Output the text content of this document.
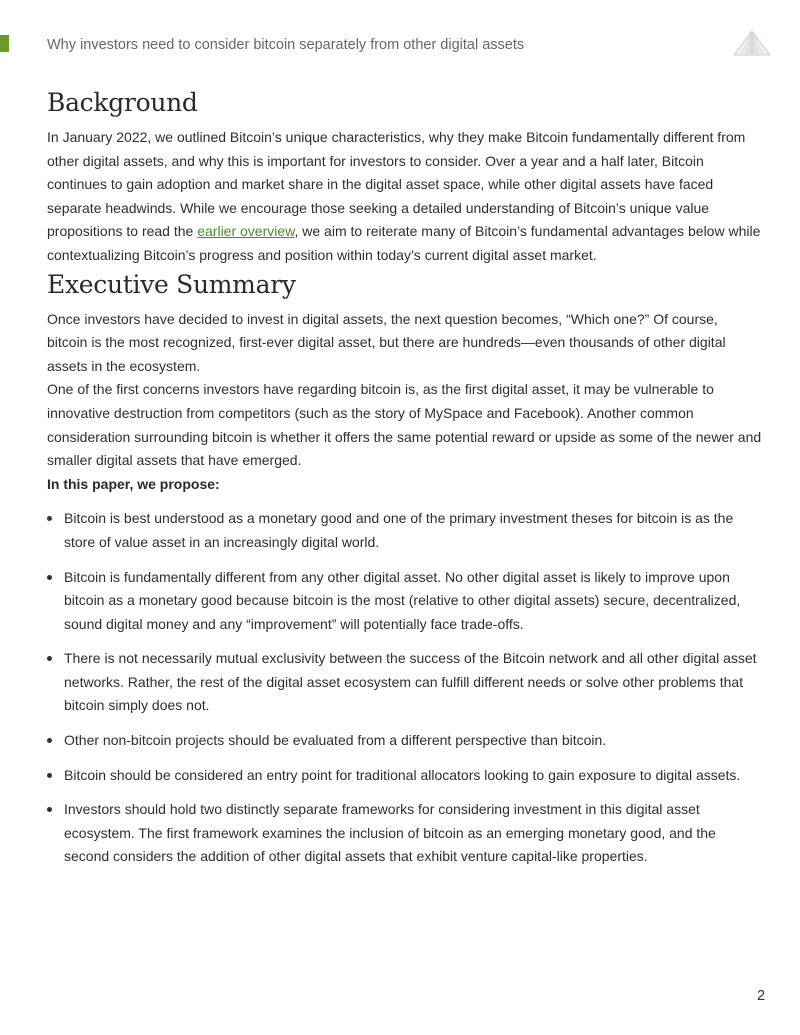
Why investors need to consider bitcoin separately from other digital assets
Background

In January 2022, we outlined Bitcoin’s unique characteristics, why they make Bitcoin fundamentally different from other digital assets, and why this is important for investors to consider. Over a year and a half later, Bitcoin continues to gain adoption and market share in the digital asset space, while other digital assets have faced separate headwinds. While we encourage those seeking a detailed understanding of Bitcoin’s unique value propositions to read the earlier overview, we aim to reiterate many of Bitcoin’s fundamental advantages below while contextualizing Bitcoin’s progress and position within today’s current digital asset market.

Executive Summary

Once investors have decided to invest in digital assets, the next question becomes, “Which one?” Of course, bitcoin is the most recognized, first-ever digital asset, but there are hundreds—even thousands of other digital assets in the ecosystem.

One of the first concerns investors have regarding bitcoin is, as the first digital asset, it may be vulnerable to innovative destruction from competitors (such as the story of MySpace and Facebook). Another common consideration surrounding bitcoin is whether it offers the same potential reward or upside as some of the newer and smaller digital assets that have emerged.

In this paper, we propose:

Bitcoin is best understood as a monetary good and one of the primary investment theses for bitcoin is as the store of value asset in an increasingly digital world.
Bitcoin is fundamentally different from any other digital asset. No other digital asset is likely to improve upon bitcoin as a monetary good because bitcoin is the most (relative to other digital assets) secure, decentralized, sound digital money and any “improvement” will potentially face trade-offs.
There is not necessarily mutual exclusivity between the success of the Bitcoin network and all other digital asset networks. Rather, the rest of the digital asset ecosystem can fulfill different needs or solve other problems that bitcoin simply does not.
Other non-bitcoin projects should be evaluated from a different perspective than bitcoin.
Bitcoin should be considered an entry point for traditional allocators looking to gain exposure to digital assets.
Investors should hold two distinctly separate frameworks for considering investment in this digital asset ecosystem. The first framework examines the inclusion of bitcoin as an emerging monetary good, and the second considers the addition of other digital assets that exhibit venture capital-like properties.
2
